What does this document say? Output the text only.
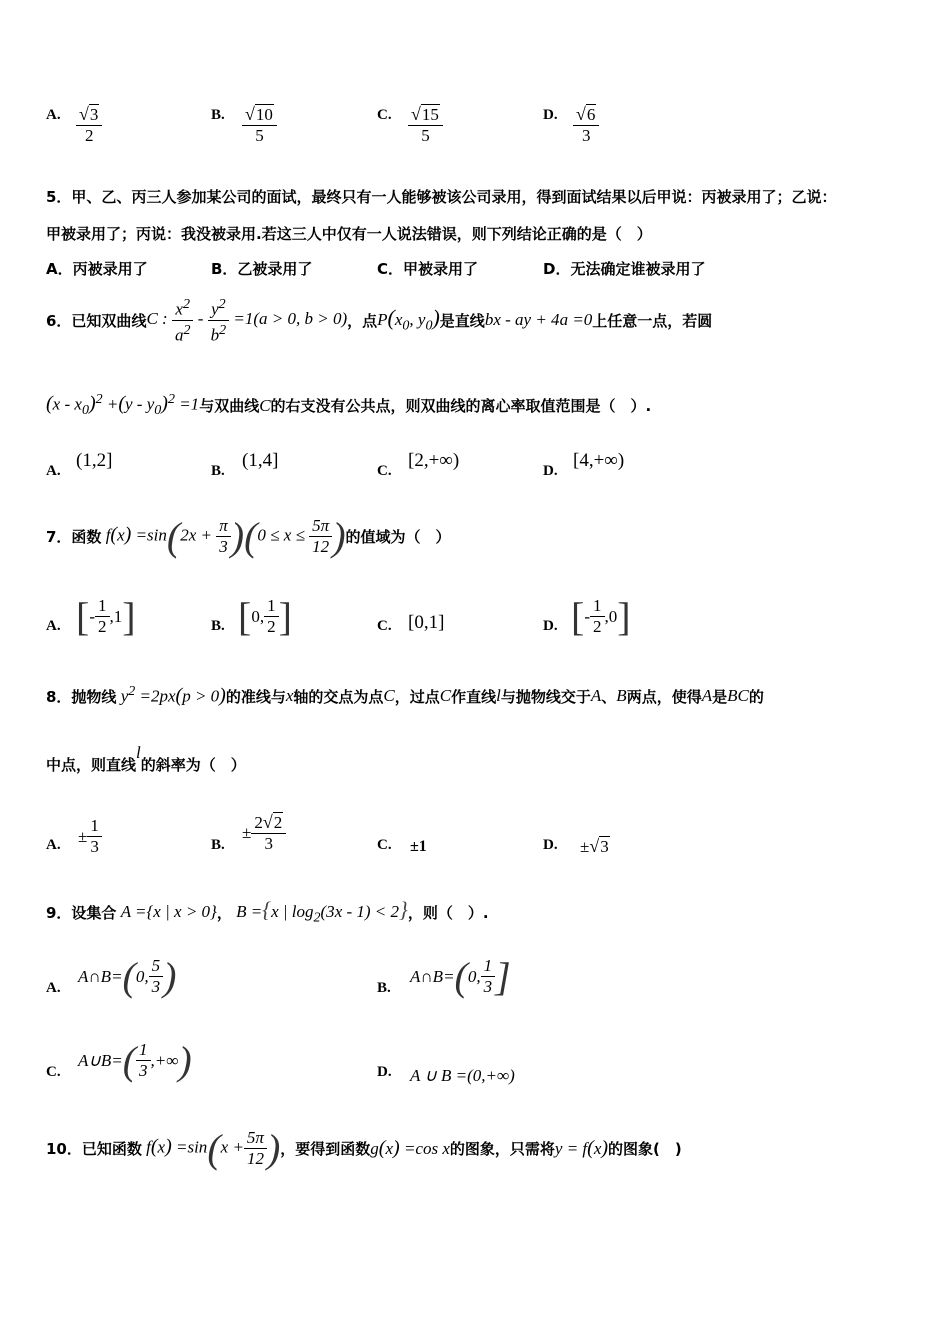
A. $\frac{√3}{2}$	B. $\frac{√10}{5}$	C. $\frac{√15}{5}$	D. $\frac{√6}{3}$
5．甲、乙、丙三人参加某公司的面试，最终只有一人能够被该公司录用，得到面试结果以后甲说：丙被录用了；乙说：
甲被录用了；丙说：我没被录用.若这三人中仅有一人说法错误，则下列结论正确的是（　）
A．丙被录用了	B．乙被录用了	C．甲被录用了	D．无法确定谁被录用了
6．已知双曲线 C : $\frac{x^2}{a^2} - \frac{y^2}{b^2} =1(a > 0$, b > 0) ，点 $P(x_0$, $y_0$) 是直线 bx - ay + 4a =0 上任意一点，若圆
$(x - x_0)^2 +(y - y_0)^2 =1$ 与双曲线 C 的右支没有公共点，则双曲线的离心率取值范围是（　）.
A. (1,2]	B. (1,4]	C. [2,+∞)	D. [4,+∞)
7．函数 $f(x) =\sin(2x + \frac{\pi}{3} )(0 \le x \le \frac{5\pi}{12}$ ) 的值域为（　）
A. [ - $\frac{1}{2} ,1$ ]	B. [ 0, $\frac{1}{2}$ ]	C. [0,1]	D. [ - $\frac{1}{2} ,0$ ]
8．抛物线 $y^2 =2px(p > 0)$ 的准线与 x 轴的交点为点 C ，过点 C 作直线 l 与抛物线交于 A 、 B 两点，使得 A 是 BC 的
中点，则直线
l
的斜率为（　）
A. ± $\frac{1}{3}$	B.
± $\frac{2√2}{3}$	C. ±1	D. ±√3
9．设集合 A ={x | x > 0} ， B ={x | $\log_2(3x - 1) < 2$} ，则（　）.
A.
A ∩ B = ( 0, $\frac{5}{3}$ )	B.
A ∩ B = ( 0, $\frac{1}{3}$ ]
C.
A ∪ B = ( $\frac{1}{3}$ ,+∞ )	D. A ∪ B =(0,+∞)
10．已知函数 $f(x) =\sin(x + \frac{5\pi}{12}$ ) ，要得到函数 g(x) =cos x 的图象，只需将 y = f(x) 的图象(　)
